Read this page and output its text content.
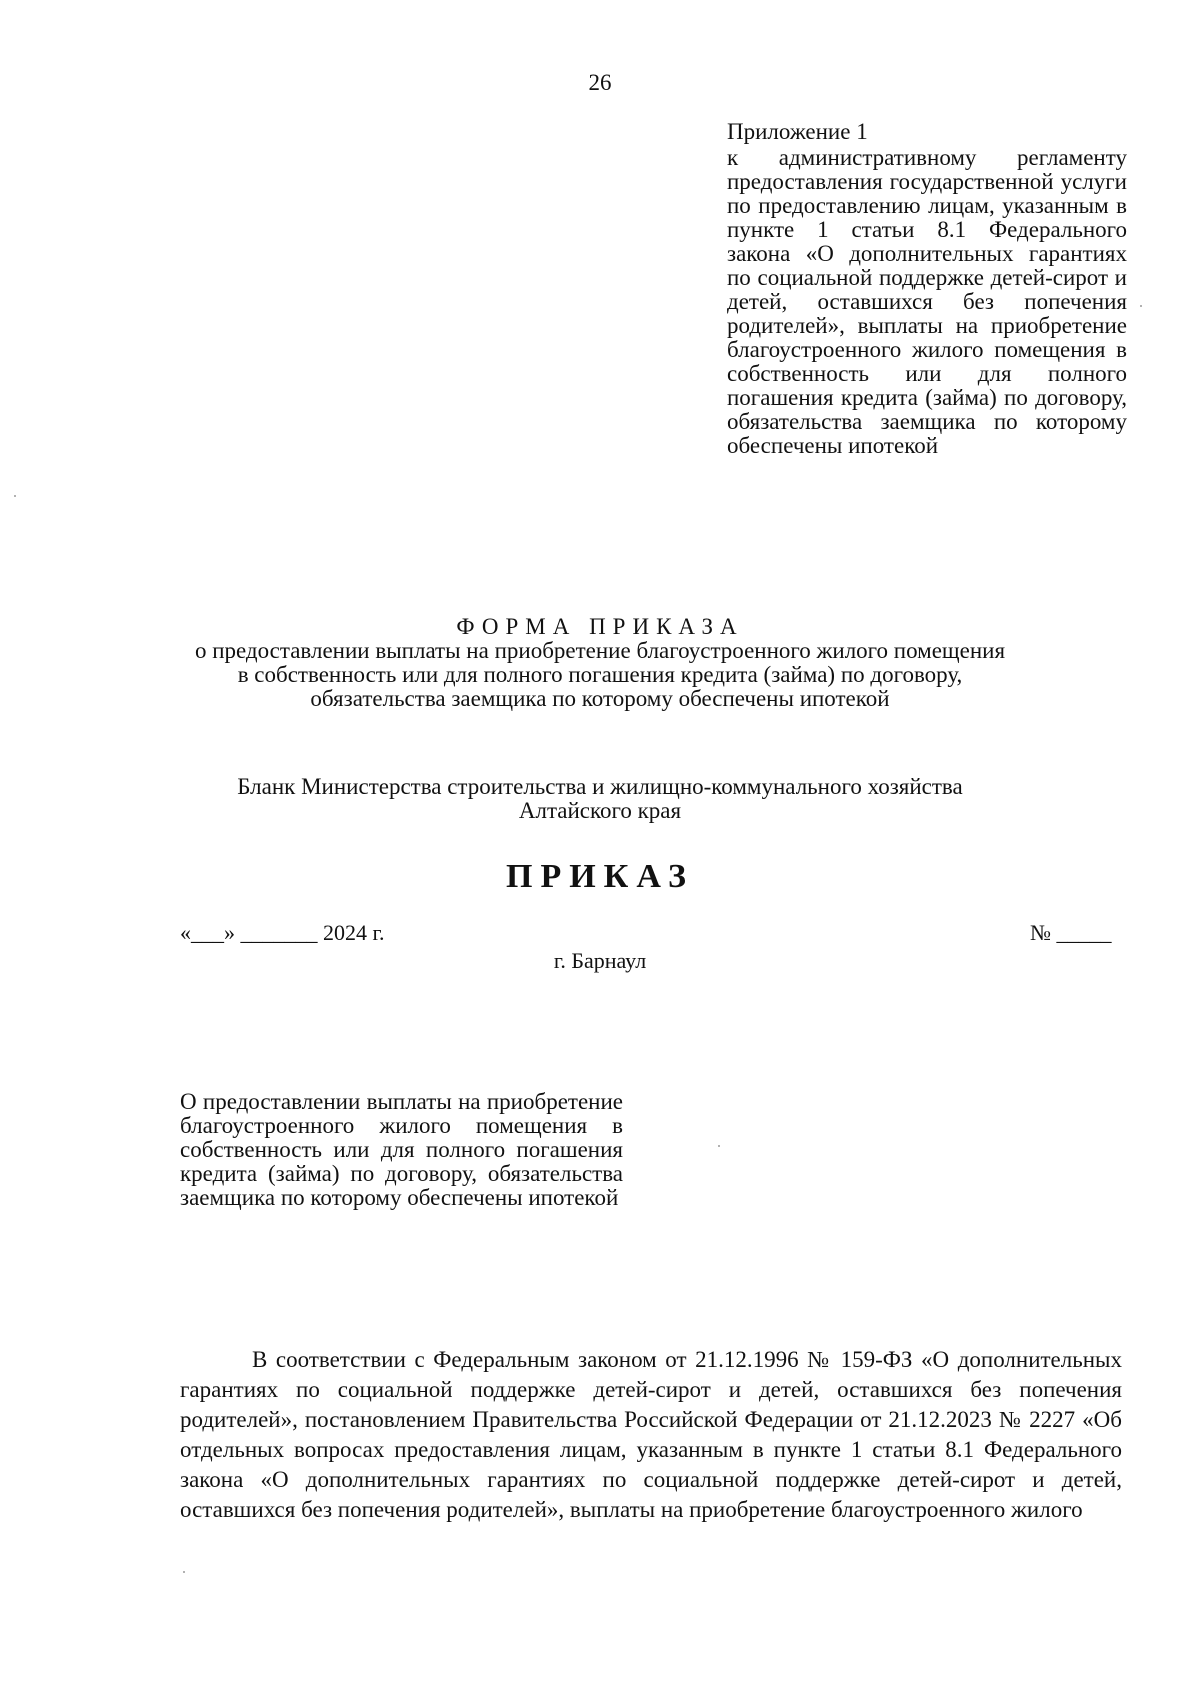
26
Приложение 1
к административному регламенту предоставления государственной услуги по предоставлению лицам, указанным в пункте 1 статьи 8.1 Федерального закона «О дополнительных гарантиях по социальной поддержке детей-сирот и детей, оставшихся без попечения родителей», выплаты на приобретение благоустроенного жилого помещения в собственность или для полного погашения кредита (займа) по договору, обязательства заемщика по которому обеспечены ипотекой
ФОРМА ПРИКАЗА
о предоставлении выплаты на приобретение благоустроенного жилого помещения
в собственность или для полного погашения кредита (займа) по договору,
обязательства заемщика по которому обеспечены ипотекой
Бланк Министерства строительства и жилищно-коммунального хозяйства
Алтайского края
ПРИКАЗ
«___» _______ 2024 г.	№ _____
г. Барнаул
О предоставлении выплаты на приобретение благоустроенного жилого помещения в собственность или для полного погашения кредита (займа) по договору, обязательства заемщика по которому обеспечены ипотекой
В соответствии с Федеральным законом от 21.12.1996 № 159-ФЗ «О дополнительных гарантиях по социальной поддержке детей-сирот и детей, оставшихся без попечения родителей», постановлением Правительства Российской Федерации от 21.12.2023 № 2227 «Об отдельных вопросах предоставления лицам, указанным в пункте 1 статьи 8.1 Федерального закона «О дополнительных гарантиях по социальной поддержке детей-сирот и детей, оставшихся без попечения родителей», выплаты на приобретение благоустроенного жилого
